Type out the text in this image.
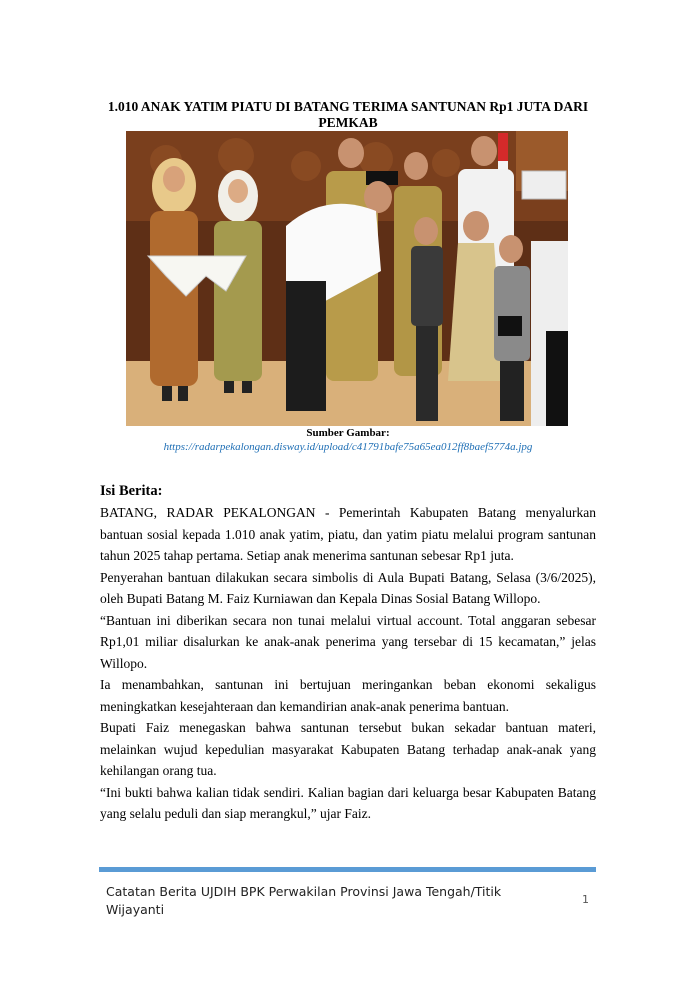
1.010 ANAK YATIM PIATU DI BATANG TERIMA SANTUNAN Rp1 JUTA DARI PEMKAB
Sumber Gambar:
https://radarpekalongan.disway.id/upload/c41791bafe75a65ea012ff8baef5774a.jpg
Isi Berita:

BATANG, RADAR PEKALONGAN - Pemerintah Kabupaten Batang menyalurkan bantuan sosial kepada 1.010 anak yatim, piatu, dan yatim piatu melalui program santunan tahun 2025 tahap pertama. Setiap anak menerima santunan sebesar Rp1 juta.

Penyerahan bantuan dilakukan secara simbolis di Aula Bupati Batang, Selasa (3/6/2025), oleh Bupati Batang M. Faiz Kurniawan dan Kepala Dinas Sosial Batang Willopo.

“Bantuan ini diberikan secara non tunai melalui virtual account. Total anggaran sebesar Rp1,01 miliar disalurkan ke anak-anak penerima yang tersebar di 15 kecamatan,” jelas Willopo.

Ia menambahkan, santunan ini bertujuan meringankan beban ekonomi sekaligus meningkatkan kesejahteraan dan kemandirian anak-anak penerima bantuan.

Bupati Faiz menegaskan bahwa santunan tersebut bukan sekadar bantuan materi, melainkan wujud kepedulian masyarakat Kabupaten Batang terhadap anak-anak yang kehilangan orang tua.

“Ini bukti bahwa kalian tidak sendiri. Kalian bagian dari keluarga besar Kabupaten Batang yang selalu peduli dan siap merangkul,” ujar Faiz.

Catatan Berita UJDIH BPK Perwakilan Provinsi Jawa Tengah/Titik Wijayanti
1
